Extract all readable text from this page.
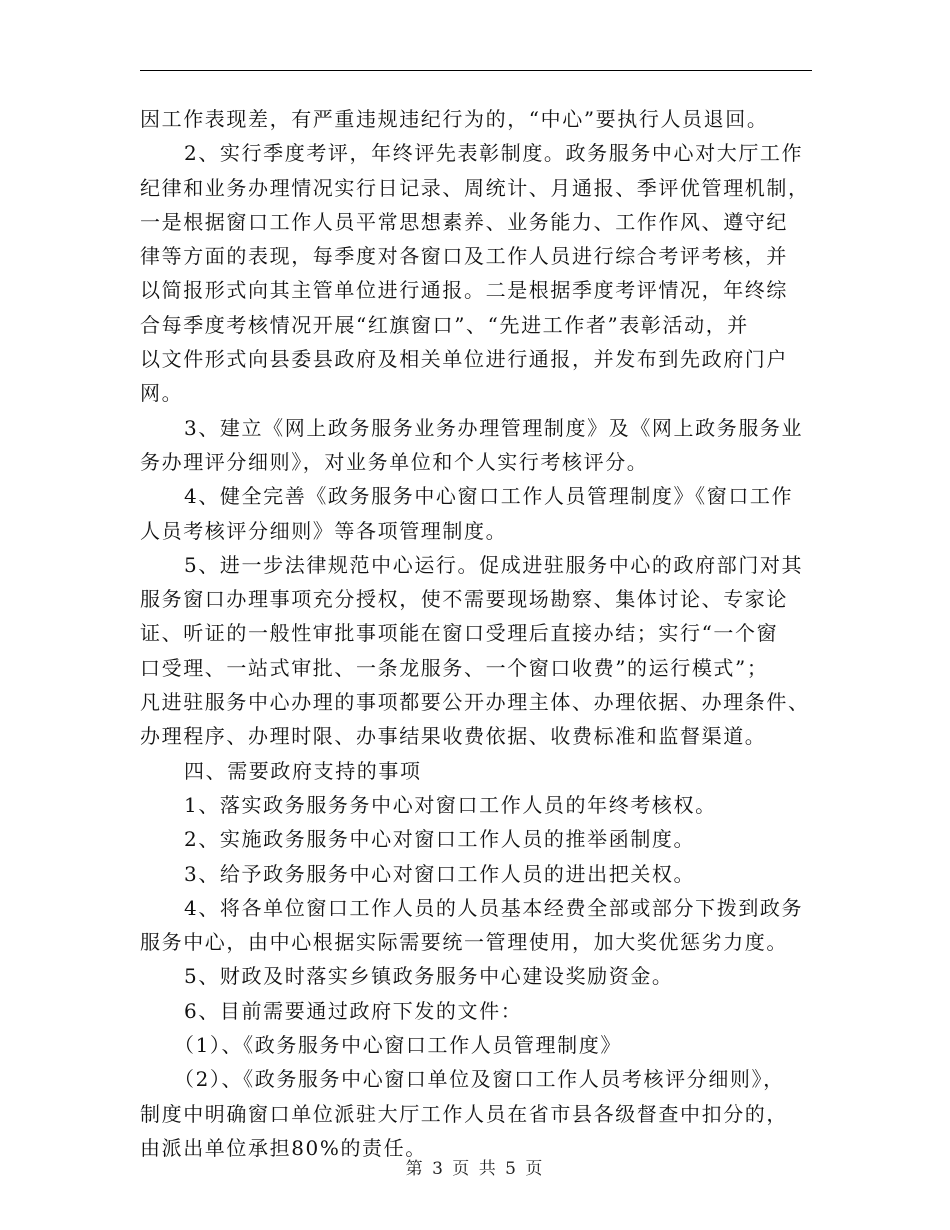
因工作表现差，有严重违规违纪行为的，“中心”要执行人员退回。
2、实行季度考评，年终评先表彰制度。政务服务中心对大厅工作
纪律和业务办理情况实行日记录、周统计、月通报、季评优管理机制，
一是根据窗口工作人员平常思想素养、业务能力、工作作风、遵守纪
律等方面的表现，每季度对各窗口及工作人员进行综合考评考核，并
以简报形式向其主管单位进行通报。二是根据季度考评情况，年终综
合每季度考核情况开展“红旗窗口”、“先进工作者”表彰活动，并
以文件形式向县委县政府及相关单位进行通报，并发布到先政府门户
网。
3、建立《网上政务服务业务办理管理制度》及《网上政务服务业
务办理评分细则》，对业务单位和个人实行考核评分。
4、健全完善《政务服务中心窗口工作人员管理制度》《窗口工作
人员考核评分细则》等各项管理制度。
5、进一步法律规范中心运行。促成进驻服务中心的政府部门对其
服务窗口办理事项充分授权，使不需要现场勘察、集体讨论、专家论
证、听证的一般性审批事项能在窗口受理后直接办结；实行“一个窗
口受理、一站式审批、一条龙服务、一个窗口收费”的运行模式”；
凡进驻服务中心办理的事项都要公开办理主体、办理依据、办理条件、
办理程序、办理时限、办事结果收费依据、收费标准和监督渠道。
四、需要政府支持的事项
1、落实政务服务务中心对窗口工作人员的年终考核权。
2、实施政务服务中心对窗口工作人员的推举函制度。
3、给予政务服务中心对窗口工作人员的进出把关权。
4、将各单位窗口工作人员的人员基本经费全部或部分下拨到政务
服务中心，由中心根据实际需要统一管理使用，加大奖优惩劣力度。
5、财政及时落实乡镇政务服务中心建设奖励资金。
6、目前需要通过政府下发的文件：
（1）、《政务服务中心窗口工作人员管理制度》
（2）、《政务服务中心窗口单位及窗口工作人员考核评分细则》，
制度中明确窗口单位派驻大厅工作人员在省市县各级督查中扣分的，
由派出单位承担80%的责任。
第 3 页 共 5 页
